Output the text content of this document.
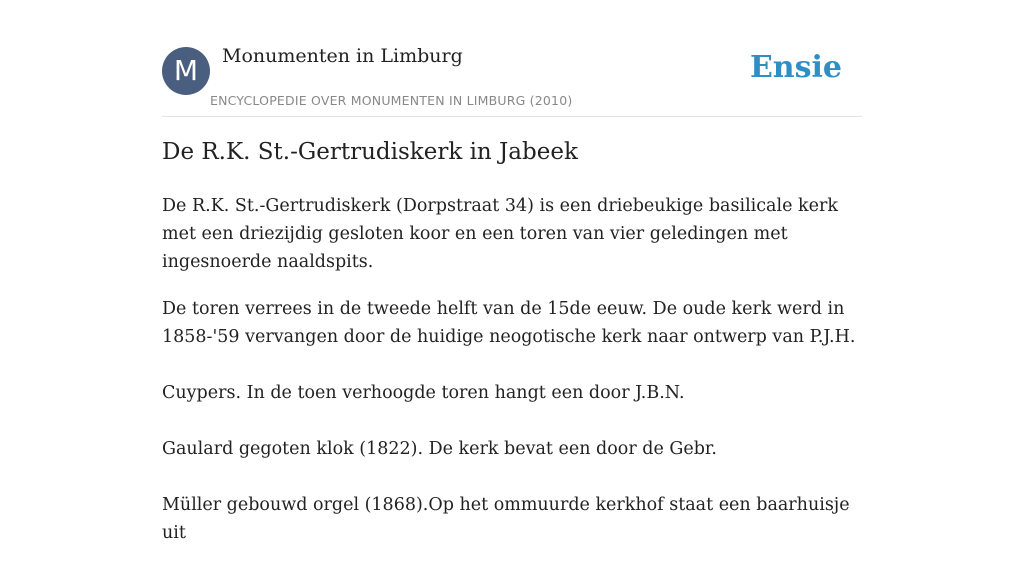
M	Monumenten in Limburg
ENCYCLOPEDIE OVER MONUMENTEN IN LIMBURG (2010)
Ensie
De R.K. St.-Gertrudiskerk in Jabeek

De R.K. St.-Gertrudiskerk (Dorpstraat 34) is een driebeukige basilicale kerk met een driezijdig gesloten koor en een toren van vier geledingen met ingesnoerde naaldspits.

De toren verrees in de tweede helft van de 15de eeuw. De oude kerk werd in 1858-'59 vervangen door de huidige neogotische kerk naar ontwerp van P.J.H.

Cuypers. In de toen verhoogde toren hangt een door J.B.N.

Gaulard gegoten klok (1822). De kerk bevat een door de Gebr.

Müller gebouwd orgel (1868).Op het ommuurde kerkhof staat een baarhuisje uit
